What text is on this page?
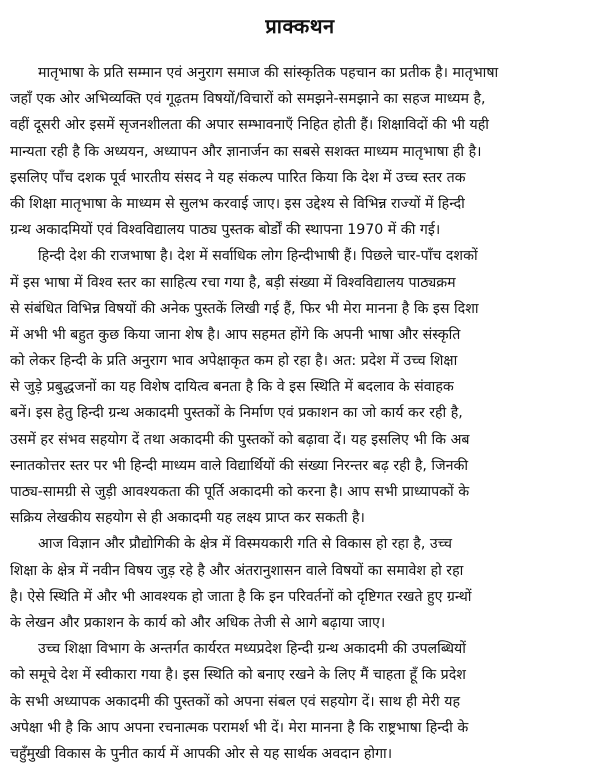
प्राक्कथन
मातृभाषा के प्रति सम्मान एवं अनुराग समाज की सांस्कृतिक पहचान का प्रतीक है। मातृभाषा
जहाँ एक ओर अभिव्यक्ति एवं गूढ़तम विषयों/विचारों को समझने-समझाने का सहज माध्यम है,
वहीं दूसरी ओर इसमें सृजनशीलता की अपार सम्भावनाएँ निहित होती हैं। शिक्षाविदों की भी यही
मान्यता रही है कि अध्ययन, अध्यापन और ज्ञानार्जन का सबसे सशक्त माध्यम मातृभाषा ही है।
इसलिए पाँच दशक पूर्व भारतीय संसद ने यह संकल्प पारित किया कि देश में उच्च स्तर तक
की शिक्षा मातृभाषा के माध्यम से सुलभ करवाई जाए। इस उद्देश्य से विभिन्न राज्यों में हिन्दी
ग्रन्थ अकादमियों एवं विश्वविद्यालय पाठ्य पुस्तक बोर्डों की स्थापना 1970 में की गई।
हिन्दी देश की राजभाषा है। देश में सर्वाधिक लोग हिन्दीभाषी हैं। पिछले चार-पाँच दशकों
में इस भाषा में विश्व स्तर का साहित्य रचा गया है, बड़ी संख्या में विश्वविद्यालय पाठ्यक्रम
से संबंधित विभिन्न विषयों की अनेक पुस्तकें लिखी गई हैं, फिर भी मेरा मानना है कि इस दिशा
में अभी भी बहुत कुछ किया जाना शेष है। आप सहमत होंगे कि अपनी भाषा और संस्कृति
को लेकर हिन्दी के प्रति अनुराग भाव अपेक्षाकृत कम हो रहा है। अत: प्रदेश में उच्च शिक्षा
से जुड़े प्रबुद्धजनों का यह विशेष दायित्व बनता है कि वे इस स्थिति में बदलाव के संवाहक
बनें। इस हेतु हिन्दी ग्रन्थ अकादमी पुस्तकों के निर्माण एवं प्रकाशन का जो कार्य कर रही है,
उसमें हर संभव सहयोग दें तथा अकादमी की पुस्तकों को बढ़ावा दें। यह इसलिए भी कि अब
स्नातकोत्तर स्तर पर भी हिन्दी माध्यम वाले विद्यार्थियों की संख्या निरन्तर बढ़ रही है, जिनकी
पाठ्य-सामग्री से जुड़ी आवश्यकता की पूर्ति अकादमी को करना है। आप सभी प्राध्यापकों के
सक्रिय लेखकीय सहयोग से ही अकादमी यह लक्ष्य प्राप्त कर सकती है।
आज विज्ञान और प्रौद्योगिकी के क्षेत्र में विस्मयकारी गति से विकास हो रहा है, उच्च
शिक्षा के क्षेत्र में नवीन विषय जुड़ रहे है और अंतरानुशासन वाले विषयों का समावेश हो रहा
है। ऐसे स्थिति में और भी आवश्यक हो जाता है कि इन परिवर्तनों को दृष्टिगत रखते हुए ग्रन्थों
के लेखन और प्रकाशन के कार्य को और अधिक तेजी से आगे बढ़ाया जाए।
उच्च शिक्षा विभाग के अन्तर्गत कार्यरत मध्यप्रदेश हिन्दी ग्रन्थ अकादमी की उपलब्धियों
को समूचे देश में स्वीकारा गया है। इस स्थिति को बनाए रखने के लिए मैं चाहता हूँ कि प्रदेश
के सभी अध्यापक अकादमी की पुस्तकों को अपना संबल एवं सहयोग दें। साथ ही मेरी यह
अपेक्षा भी है कि आप अपना रचनात्मक परामर्श भी दें। मेरा मानना है कि राष्ट्रभाषा हिन्दी के
चहुँमुखी विकास के पुनीत कार्य में आपकी ओर से यह सार्थक अवदान होगा।
